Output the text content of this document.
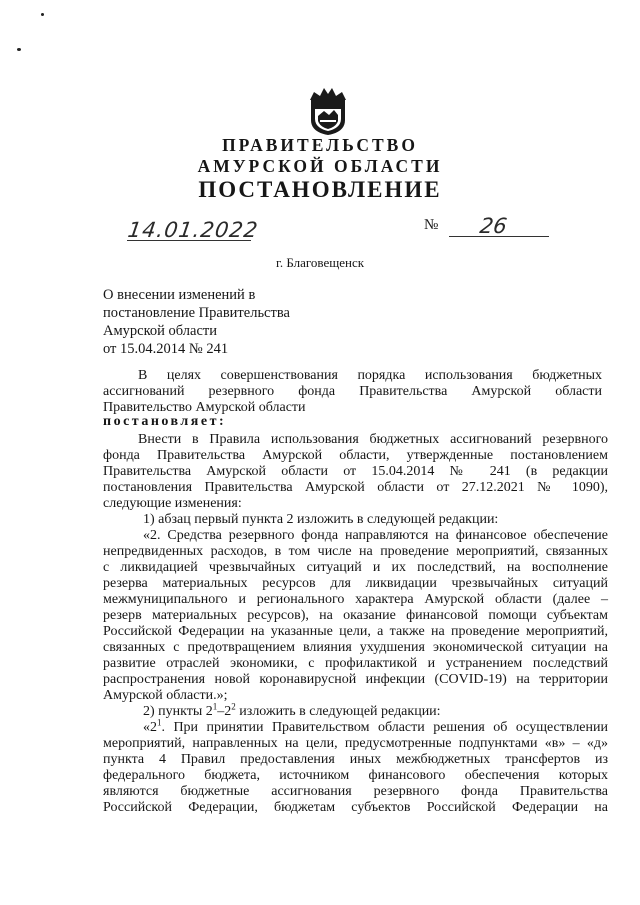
ПРАВИТЕЛЬСТВО
АМУРСКОЙ ОБЛАСТИ
ПОСТАНОВЛЕНИЕ
14.01.2022	№ 26
г. Благовещенск
О внесении изменений в
постановление Правительства
Амурской области
от 15.04.2014 № 241
В целях совершенствования порядка использования бюджетных
ассигнований резервного фонда Правительства Амурской области
Правительство Амурской области
постановляет:
Внести в Правила использования бюджетных ассигнований резервного
фонда Правительства Амурской области, утвержденные постановлением
Правительства Амурской области от 15.04.2014 № 241 (в редакции
постановления Правительства Амурской области от 27.12.2021 № 1090),
следующие изменения:
1) абзац первый пункта 2 изложить в следующей редакции:
«2. Средства резервного фонда направляются на финансовое обеспечение
непредвиденных расходов, в том числе на проведение мероприятий, связанных
с ликвидацией чрезвычайных ситуаций и их последствий, на восполнение
резерва материальных ресурсов для ликвидации чрезвычайных ситуаций
межмуниципального и регионального характера Амурской области (далее –
резерв материальных ресурсов), на оказание финансовой помощи субъектам
Российской Федерации на указанные цели, а также на проведение мероприятий,
связанных с предотвращением влияния ухудшения экономической ситуации на
развитие отраслей экономики, с профилактикой и устранением последствий
распространения новой коронавирусной инфекции (COVID-19) на территории
Амурской области.»;
2) пункты $2^1-2^2$ изложить в следующей редакции:
«$2^1$. При принятии Правительством области решения об осуществлении
мероприятий, направленных на цели, предусмотренные подпунктами «в» – «д»
пункта 4 Правил предоставления иных межбюджетных трансфертов из
федерального бюджета, источником финансового обеспечения которых
являются бюджетные ассигнования резервного фонда Правительства
Российской Федерации, бюджетам субъектов Российской Федерации на
